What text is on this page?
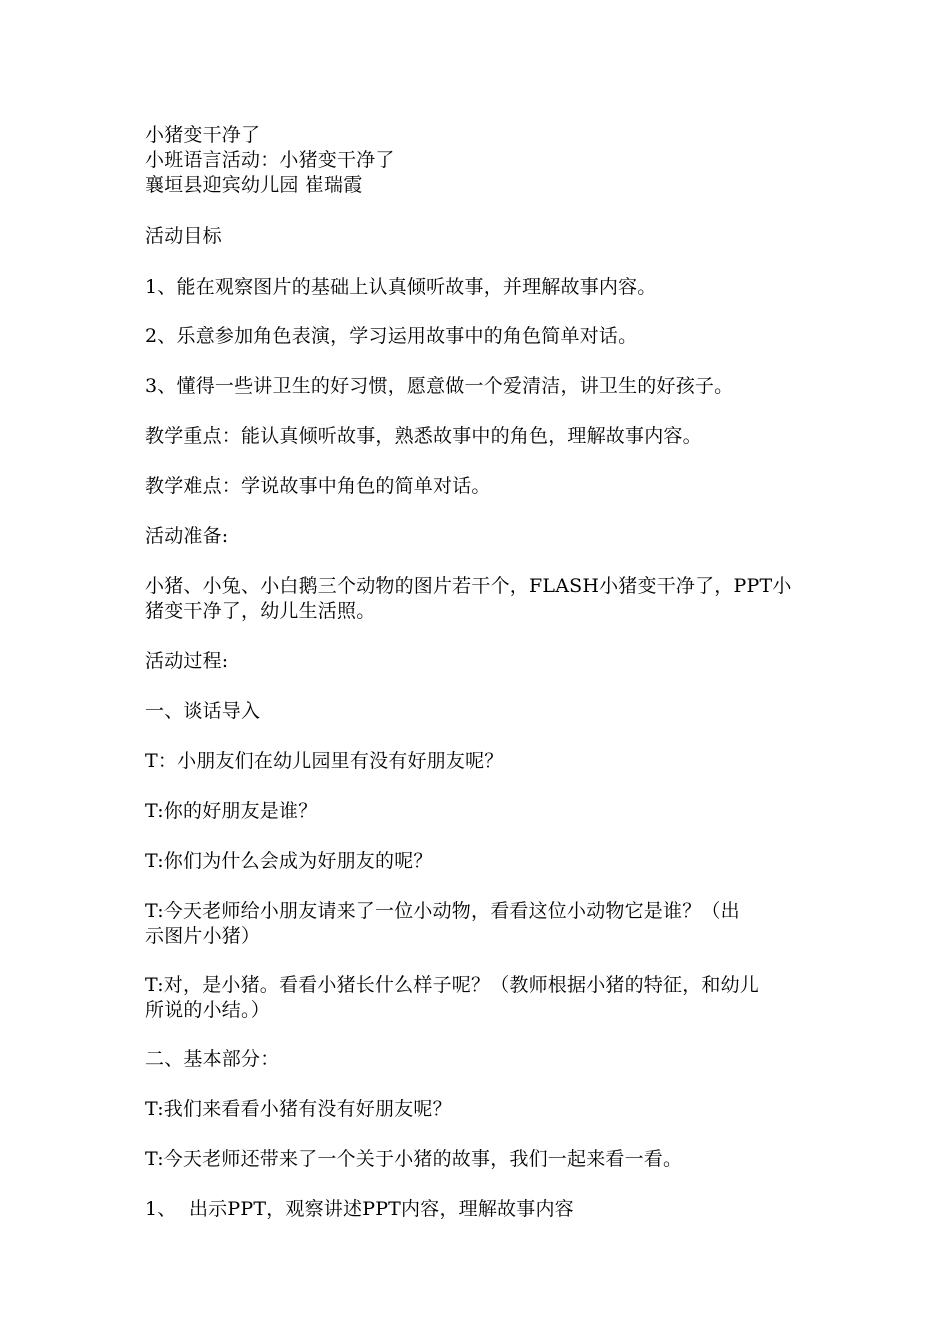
小猪变干净了
小班语言活动：小猪变干净了
襄垣县迎宾幼儿园 崔瑞霞
活动目标
1、能在观察图片的基础上认真倾听故事，并理解故事内容。
2、乐意参加角色表演，学习运用故事中的角色简单对话。
3、懂得一些讲卫生的好习惯，愿意做一个爱清洁，讲卫生的好孩子。
教学重点：能认真倾听故事，熟悉故事中的角色，理解故事内容。
教学难点：学说故事中角色的简单对话。
活动准备:
小猪、小兔、小白鹅三个动物的图片若干个，FLASH小猪变干净了，PPT小
猪变干净了，幼儿生活照。
活动过程:
一、谈话导入
T：小朋友们在幼儿园里有没有好朋友呢？
T:你的好朋友是谁？
T:你们为什么会成为好朋友的呢？
T:今天老师给小朋友请来了一位小动物，看看这位小动物它是谁？（出
示图片小猪）
T:对，是小猪。看看小猪长什么样子呢？（教师根据小猪的特征，和幼儿
所说的小结。）
二、基本部分：
T:我们来看看小猪有没有好朋友呢？
T:今天老师还带来了一个关于小猪的故事，我们一起来看一看。
1、  出示PPT，观察讲述PPT内容，理解故事内容
